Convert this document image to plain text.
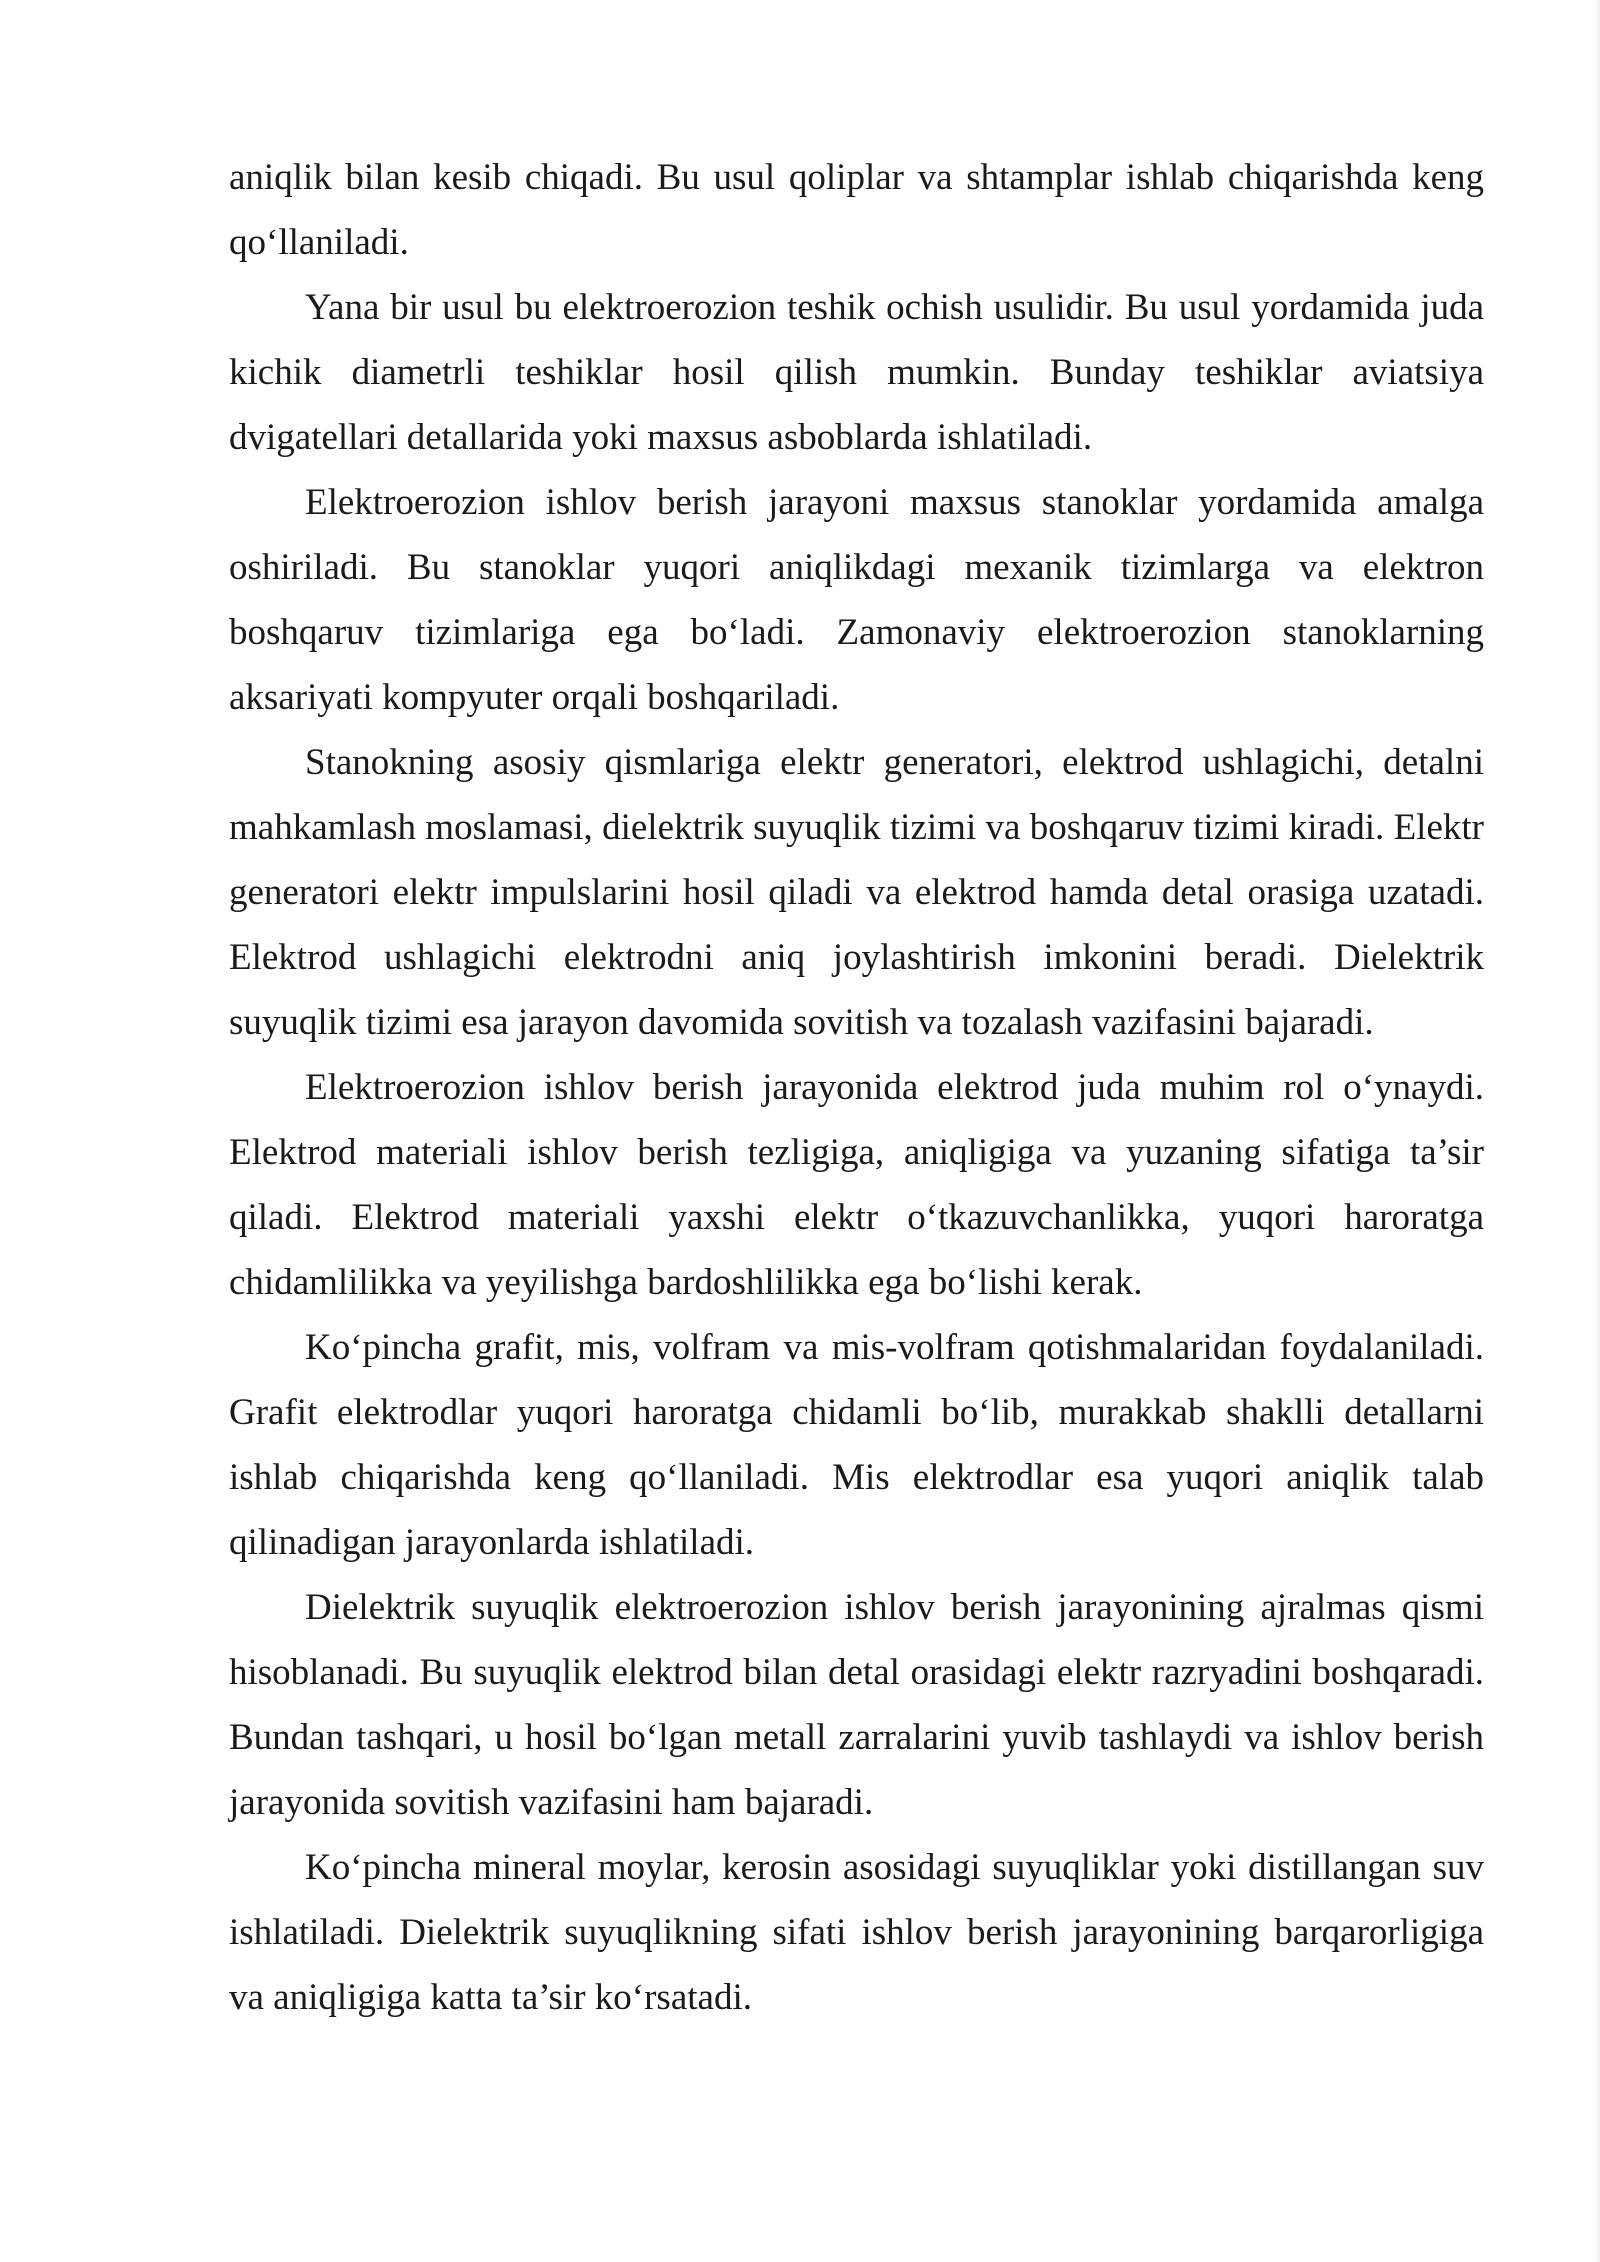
aniqlik bilan kesib chiqadi. Bu usul qoliplar va shtamplar ishlab chiqarishda keng qo‘llaniladi.

Yana bir usul bu elektroerozion teshik ochish usulidir. Bu usul yordamida juda kichik diametrli teshiklar hosil qilish mumkin. Bunday teshiklar aviatsiya dvigatellari detallarida yoki maxsus asboblarda ishlatiladi.

Elektroerozion ishlov berish jarayoni maxsus stanoklar yordamida amalga oshiriladi. Bu stanoklar yuqori aniqlikdagi mexanik tizimlarga va elektron boshqaruv tizimlariga ega bo‘ladi. Zamonaviy elektroerozion stanoklarning aksariyati kompyuter orqali boshqariladi.

Stanokning asosiy qismlariga elektr generatori, elektrod ushlagichi, detalni mahkamlash moslamasi, dielektrik suyuqlik tizimi va boshqaruv tizimi kiradi. Elektr generatori elektr impulslarini hosil qiladi va elektrod hamda detal orasiga uzatadi. Elektrod ushlagichi elektrodni aniq joylashtirish imkonini beradi. Dielektrik suyuqlik tizimi esa jarayon davomida sovitish va tozalash vazifasini bajaradi.

Elektroerozion ishlov berish jarayonida elektrod juda muhim rol o‘ynaydi. Elektrod materiali ishlov berish tezligiga, aniqligiga va yuzaning sifatiga ta’sir qiladi. Elektrod materiali yaxshi elektr o‘tkazuvchanlikka, yuqori haroratga chidamlilikka va yeyilishga bardoshlilikka ega bo‘lishi kerak.

Ko‘pincha grafit, mis, volfram va mis-volfram qotishmalaridan foydalaniladi. Grafit elektrodlar yuqori haroratga chidamli bo‘lib, murakkab shaklli detallarni ishlab chiqarishda keng qo‘llaniladi. Mis elektrodlar esa yuqori aniqlik talab qilinadigan jarayonlarda ishlatiladi.

Dielektrik suyuqlik elektroerozion ishlov berish jarayonining ajralmas qismi hisoblanadi. Bu suyuqlik elektrod bilan detal orasidagi elektr razryadini boshqaradi. Bundan tashqari, u hosil bo‘lgan metall zarralarini yuvib tashlaydi va ishlov berish jarayonida sovitish vazifasini ham bajaradi.

Ko‘pincha mineral moylar, kerosin asosidagi suyuqliklar yoki distillangan suv ishlatiladi. Dielektrik suyuqlikning sifati ishlov berish jarayonining barqarorligiga va aniqligiga katta ta’sir ko‘rsatadi.
